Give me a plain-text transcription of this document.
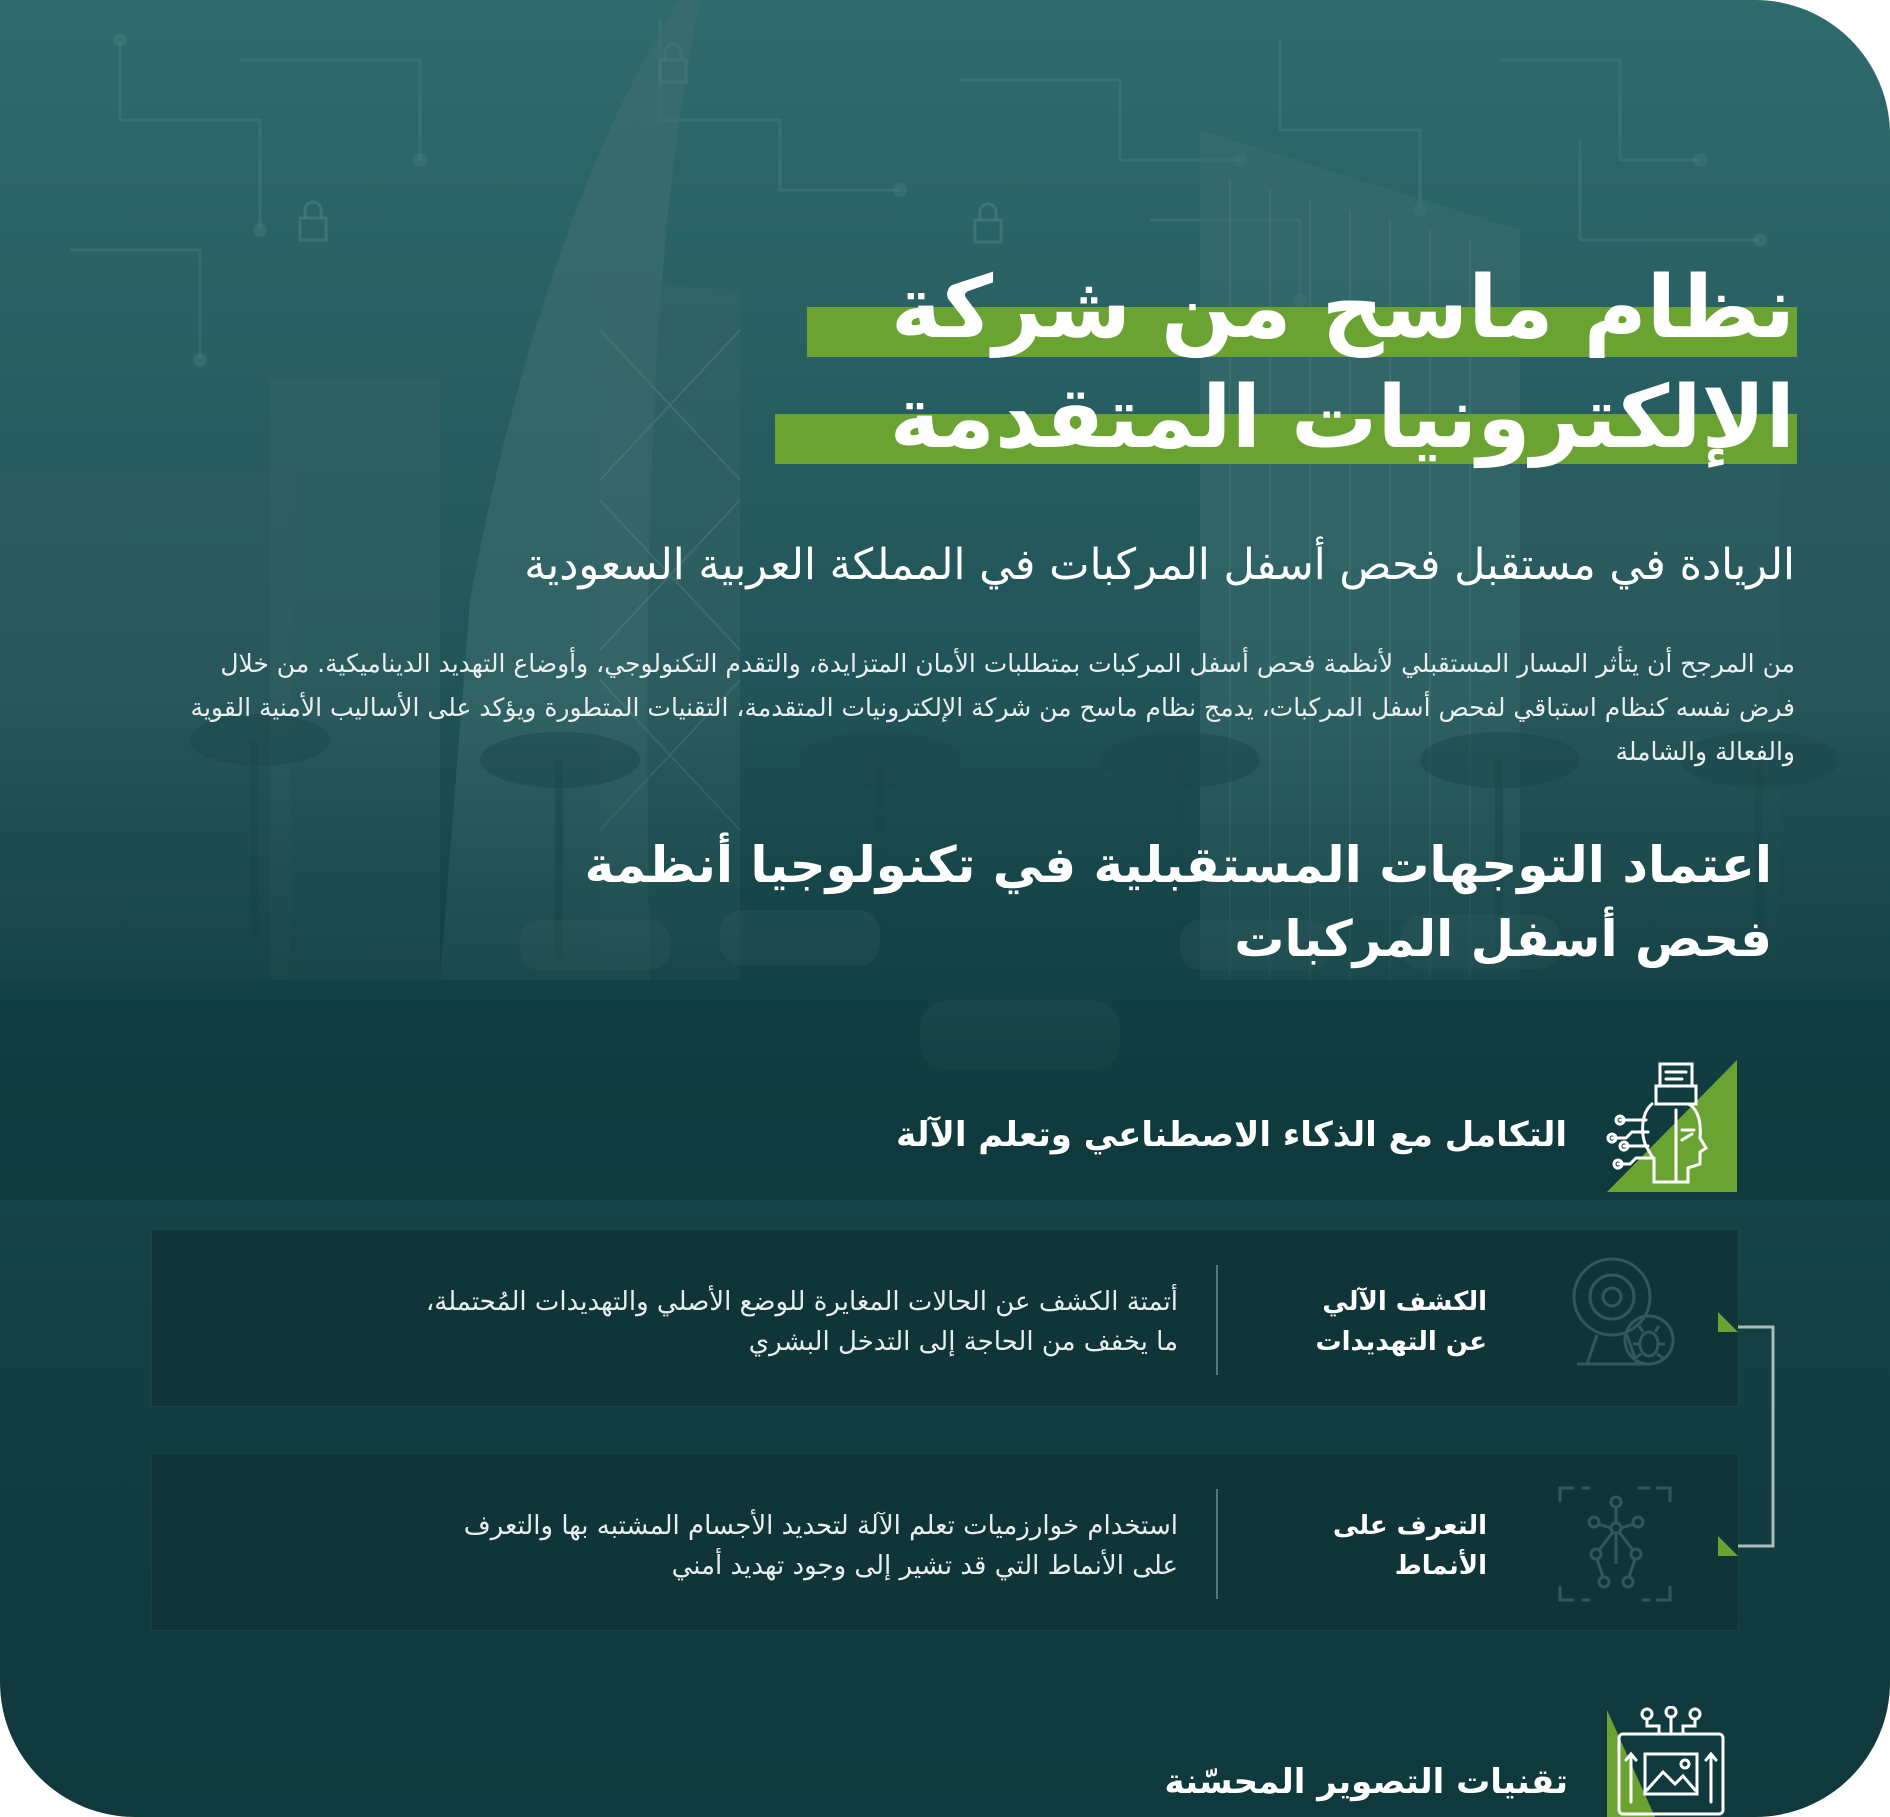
نظام ماسح من شركة
الإلكترونيات المتقدمة
الريادة في مستقبل فحص أسفل المركبات في المملكة العربية السعودية
من المرجح أن يتأثر المسار المستقبلي لأنظمة فحص أسفل المركبات بمتطلبات الأمان المتزايدة، والتقدم التكنولوجي، وأوضاع التهديد الديناميكية. من خلال فرض نفسه كنظام استباقي لفحص أسفل المركبات، يدمج نظام ماسح من شركة الإلكترونيات المتقدمة، التقنيات المتطورة ويؤكد على الأساليب الأمنية القوية والفعالة والشاملة
اعتماد التوجهات المستقبلية في تكنولوجيا أنظمة فحص أسفل المركبات
التكامل مع الذكاء الاصطناعي وتعلم الآلة
الكشف الآلي عن التهديدات
أتمتة الكشف عن الحالات المغايرة للوضع الأصلي والتهديدات المُحتملة، ما يخفف من الحاجة إلى التدخل البشري
التعرف على الأنماط
استخدام خوارزميات تعلم الآلة لتحديد الأجسام المشتبه بها والتعرف على الأنماط التي قد تشير إلى وجود تهديد أمني
تقنيات التصوير المحسّنة
